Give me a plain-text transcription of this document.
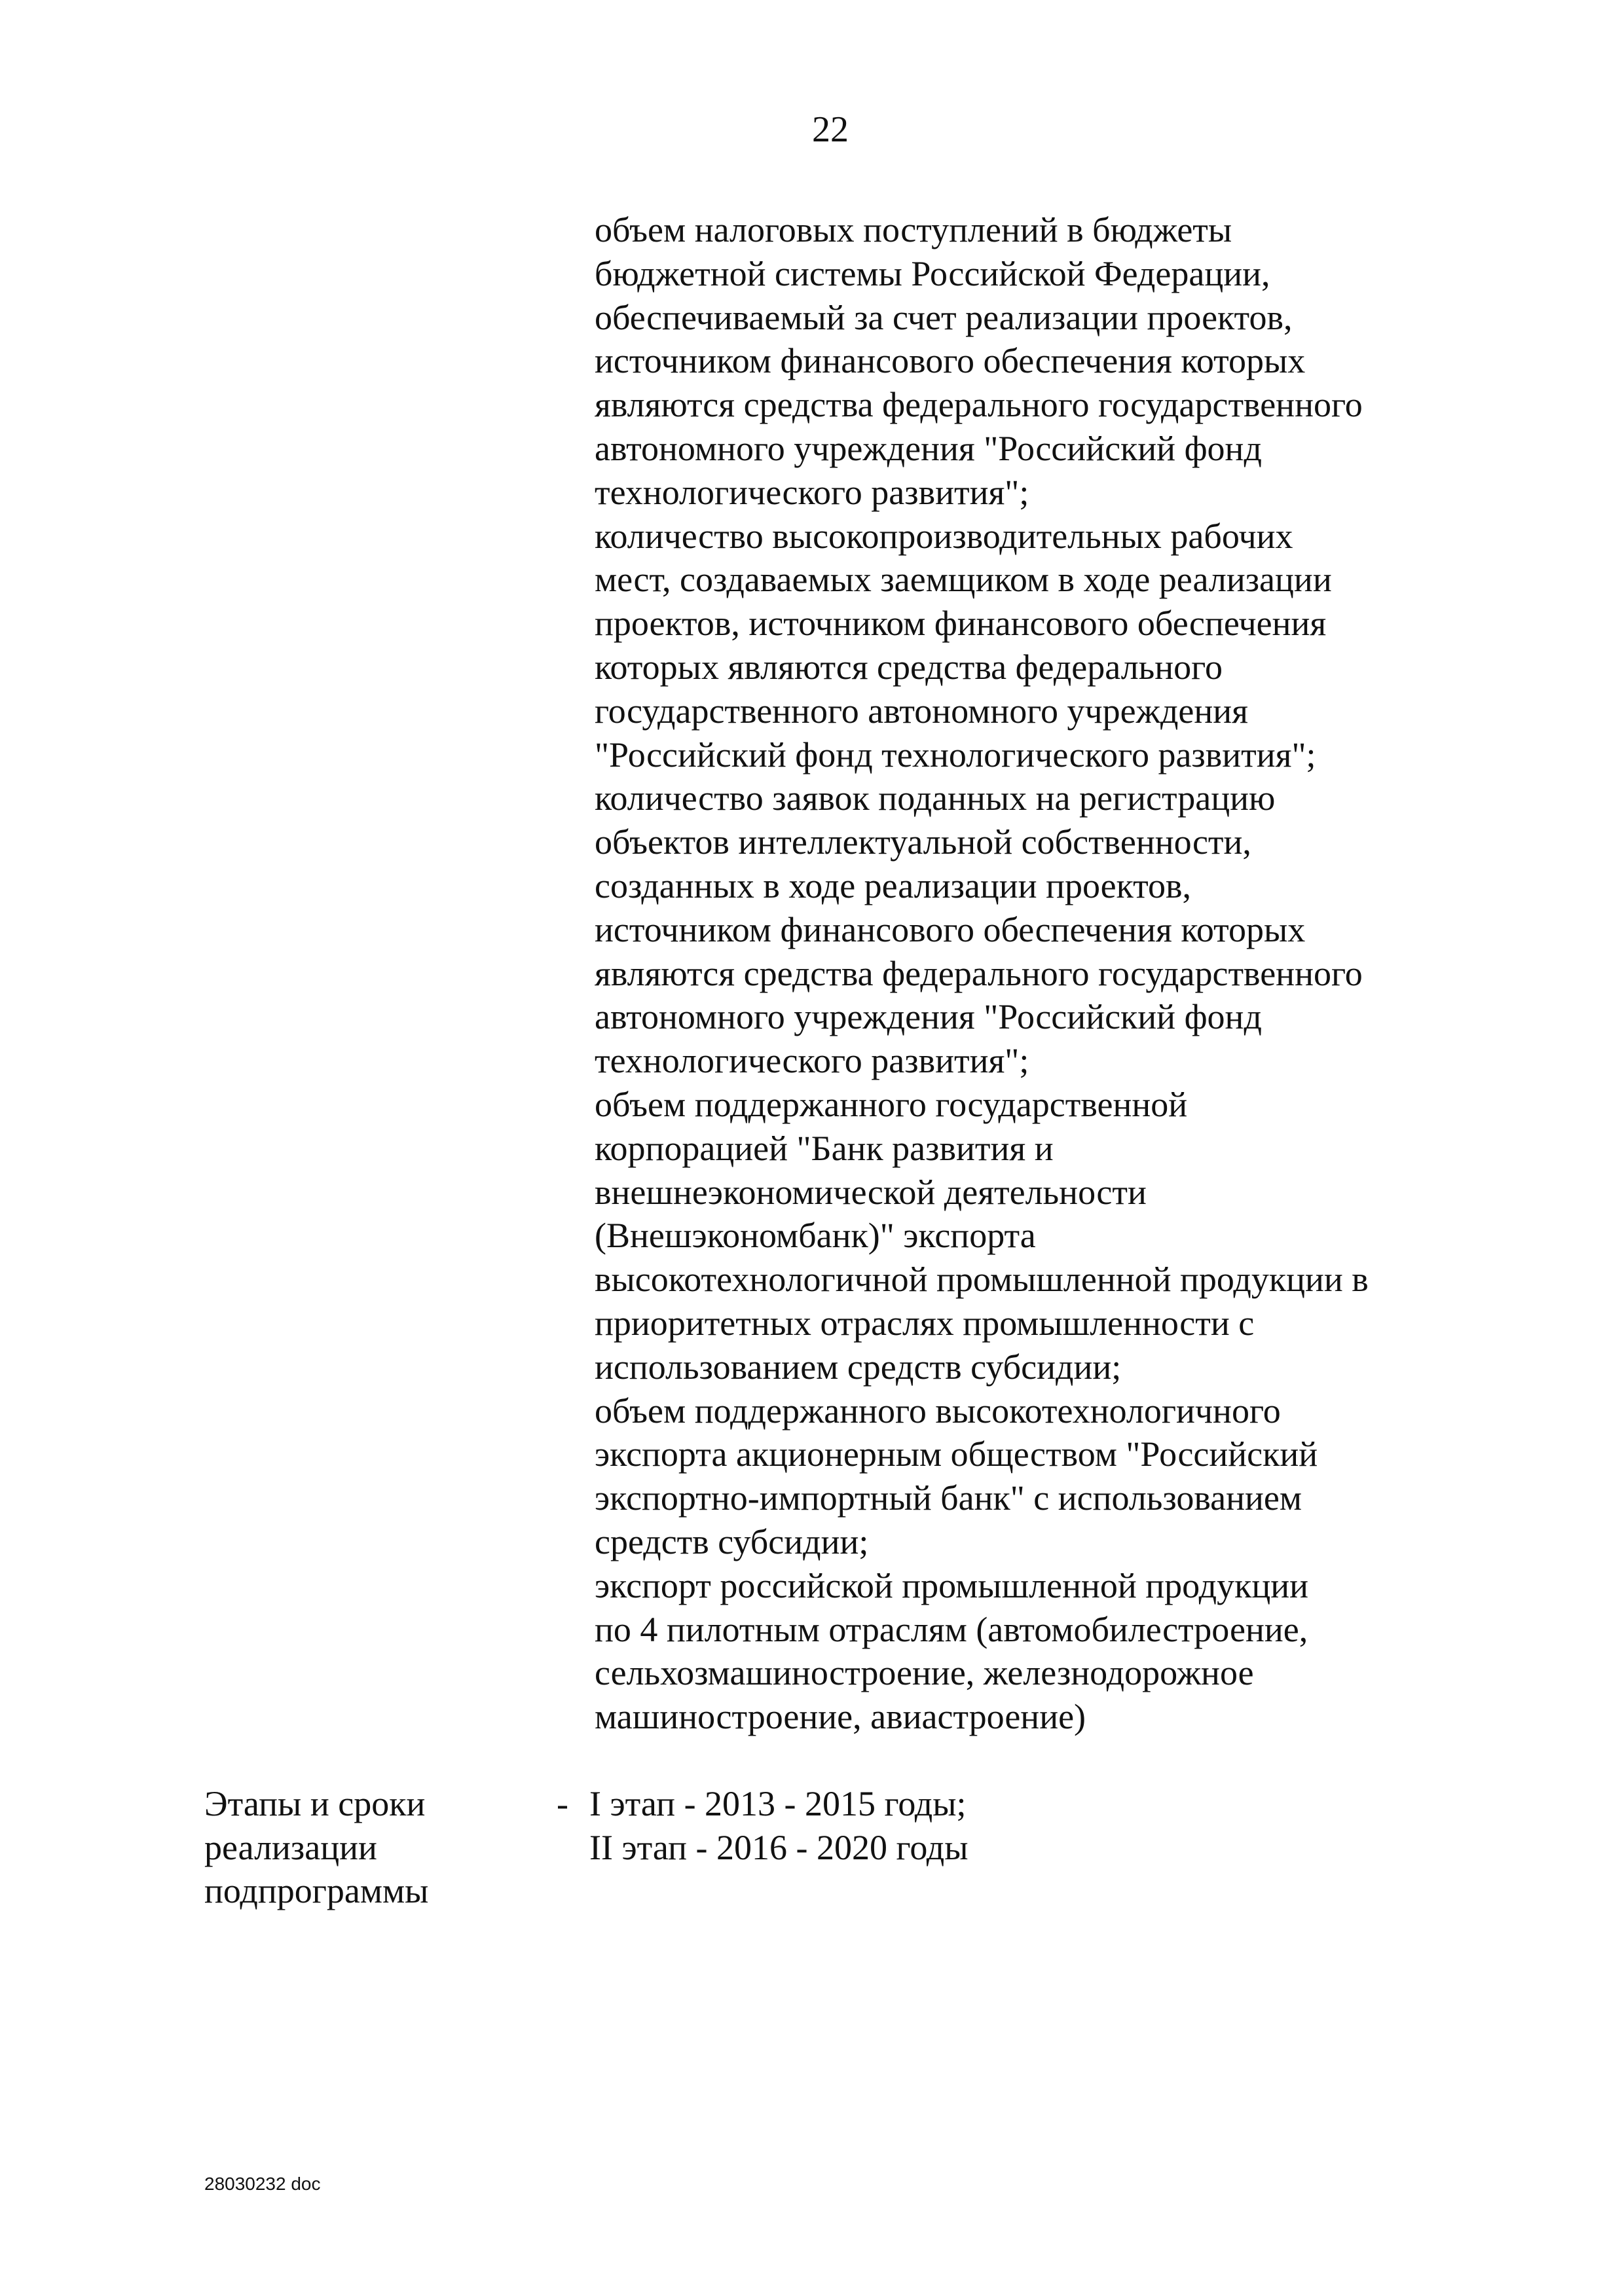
22
объем налоговых поступлений в бюджеты
бюджетной системы Российской Федерации,
обеспечиваемый за счет реализации проектов,
источником финансового обеспечения которых
являются средства федерального государственного
автономного учреждения "Российский фонд
технологического развития";
количество высокопроизводительных рабочих
мест, создаваемых заемщиком в ходе реализации
проектов, источником финансового обеспечения
которых являются средства федерального
государственного автономного учреждения
"Российский фонд технологического развития";
количество заявок поданных на регистрацию
объектов интеллектуальной собственности,
созданных в ходе реализации проектов,
источником финансового обеспечения которых
являются средства федерального государственного
автономного учреждения "Российский фонд
технологического развития";
объем поддержанного государственной
корпорацией "Банк развития и
внешнеэкономической деятельности
(Внешэкономбанк)" экспорта
высокотехнологичной промышленной продукции в
приоритетных отраслях промышленности с
использованием средств субсидии;
объем поддержанного высокотехнологичного
экспорта акционерным обществом "Российский
экспортно-импортный банк" с использованием
средств субсидии;
экспорт российской промышленной продукции
по 4 пилотным отраслям (автомобилестроение,
сельхозмашиностроение, железнодорожное
машиностроение, авиастроение)
Этапы и сроки
реализации
подпрограммы
- I этап - 2013 - 2015 годы;
II этап - 2016 - 2020 годы
28030232 doc
